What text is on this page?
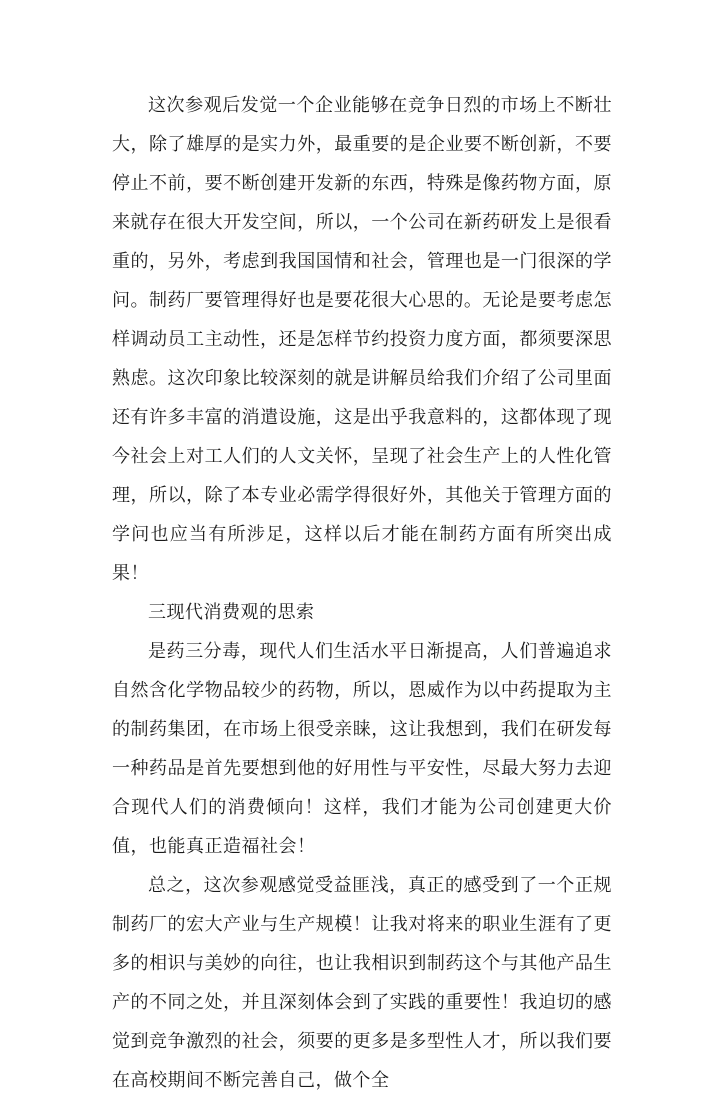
这次参观后发觉一个企业能够在竞争日烈的市场上不断壮大，除了雄厚的是实力外，最重要的是企业要不断创新，不要停止不前，要不断创建开发新的东西，特殊是像药物方面，原来就存在很大开发空间，所以，一个公司在新药研发上是很看重的，另外，考虑到我国国情和社会，管理也是一门很深的学问。制药厂要管理得好也是要花很大心思的。无论是要考虑怎样调动员工主动性，还是怎样节约投资力度方面，都须要深思熟虑。这次印象比较深刻的就是讲解员给我们介绍了公司里面还有许多丰富的消遣设施，这是出乎我意料的，这都体现了现今社会上对工人们的人文关怀，呈现了社会生产上的人性化管理，所以，除了本专业必需学得很好外，其他关于管理方面的学问也应当有所涉足，这样以后才能在制药方面有所突出成果！

三现代消费观的思索

是药三分毒，现代人们生活水平日渐提高，人们普遍追求自然含化学物品较少的药物，所以，恩威作为以中药提取为主的制药集团，在市场上很受亲睐，这让我想到，我们在研发每一种药品是首先要想到他的好用性与平安性，尽最大努力去迎合现代人们的消费倾向！这样，我们才能为公司创建更大价值，也能真正造福社会！

总之，这次参观感觉受益匪浅，真正的感受到了一个正规制药厂的宏大产业与生产规模！让我对将来的职业生涯有了更多的相识与美妙的向往，也让我相识到制药这个与其他产品生产的不同之处，并且深刻体会到了实践的重要性！我迫切的感觉到竞争激烈的社会，须要的更多是多型性人才，所以我们要在高校期间不断完善自己，做个全
